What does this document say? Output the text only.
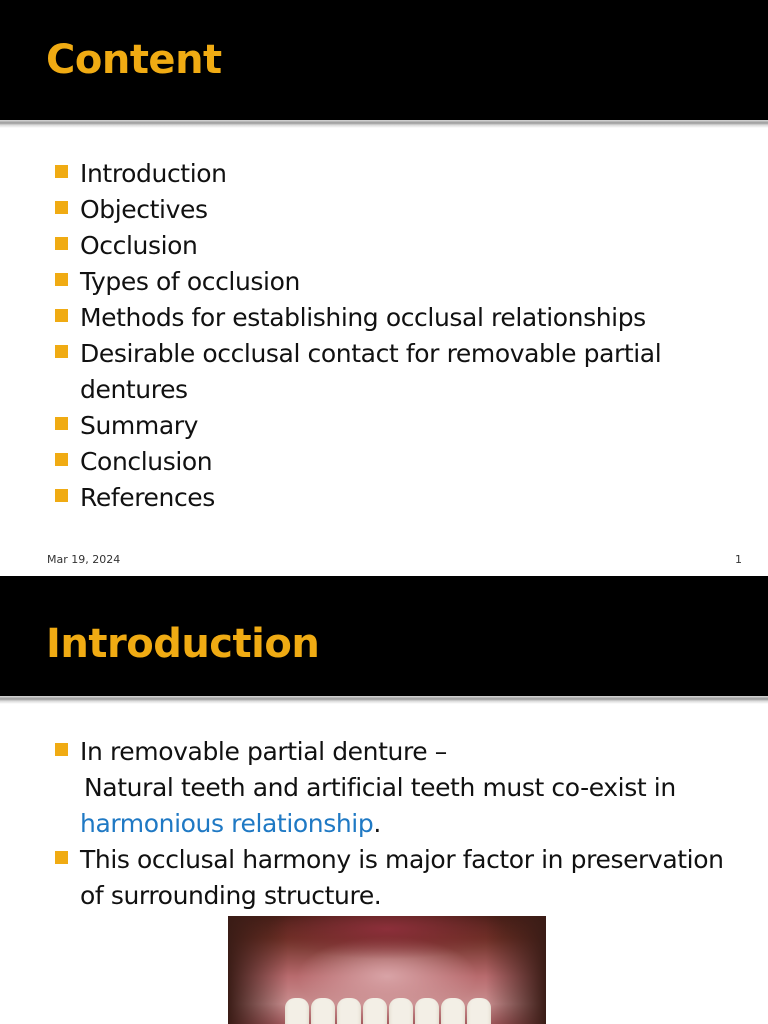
Content
Introduction
Objectives
Occlusion
Types of occlusion
Methods for establishing occlusal relationships
Desirable occlusal contact for removable partial dentures
Summary
Conclusion
References
Mar 19, 2024	1
Introduction
In removable partial denture –
Natural teeth and artificial teeth must co-exist in
harmonious relationship.
This occlusal harmony is major factor in preservation of surrounding structure.
